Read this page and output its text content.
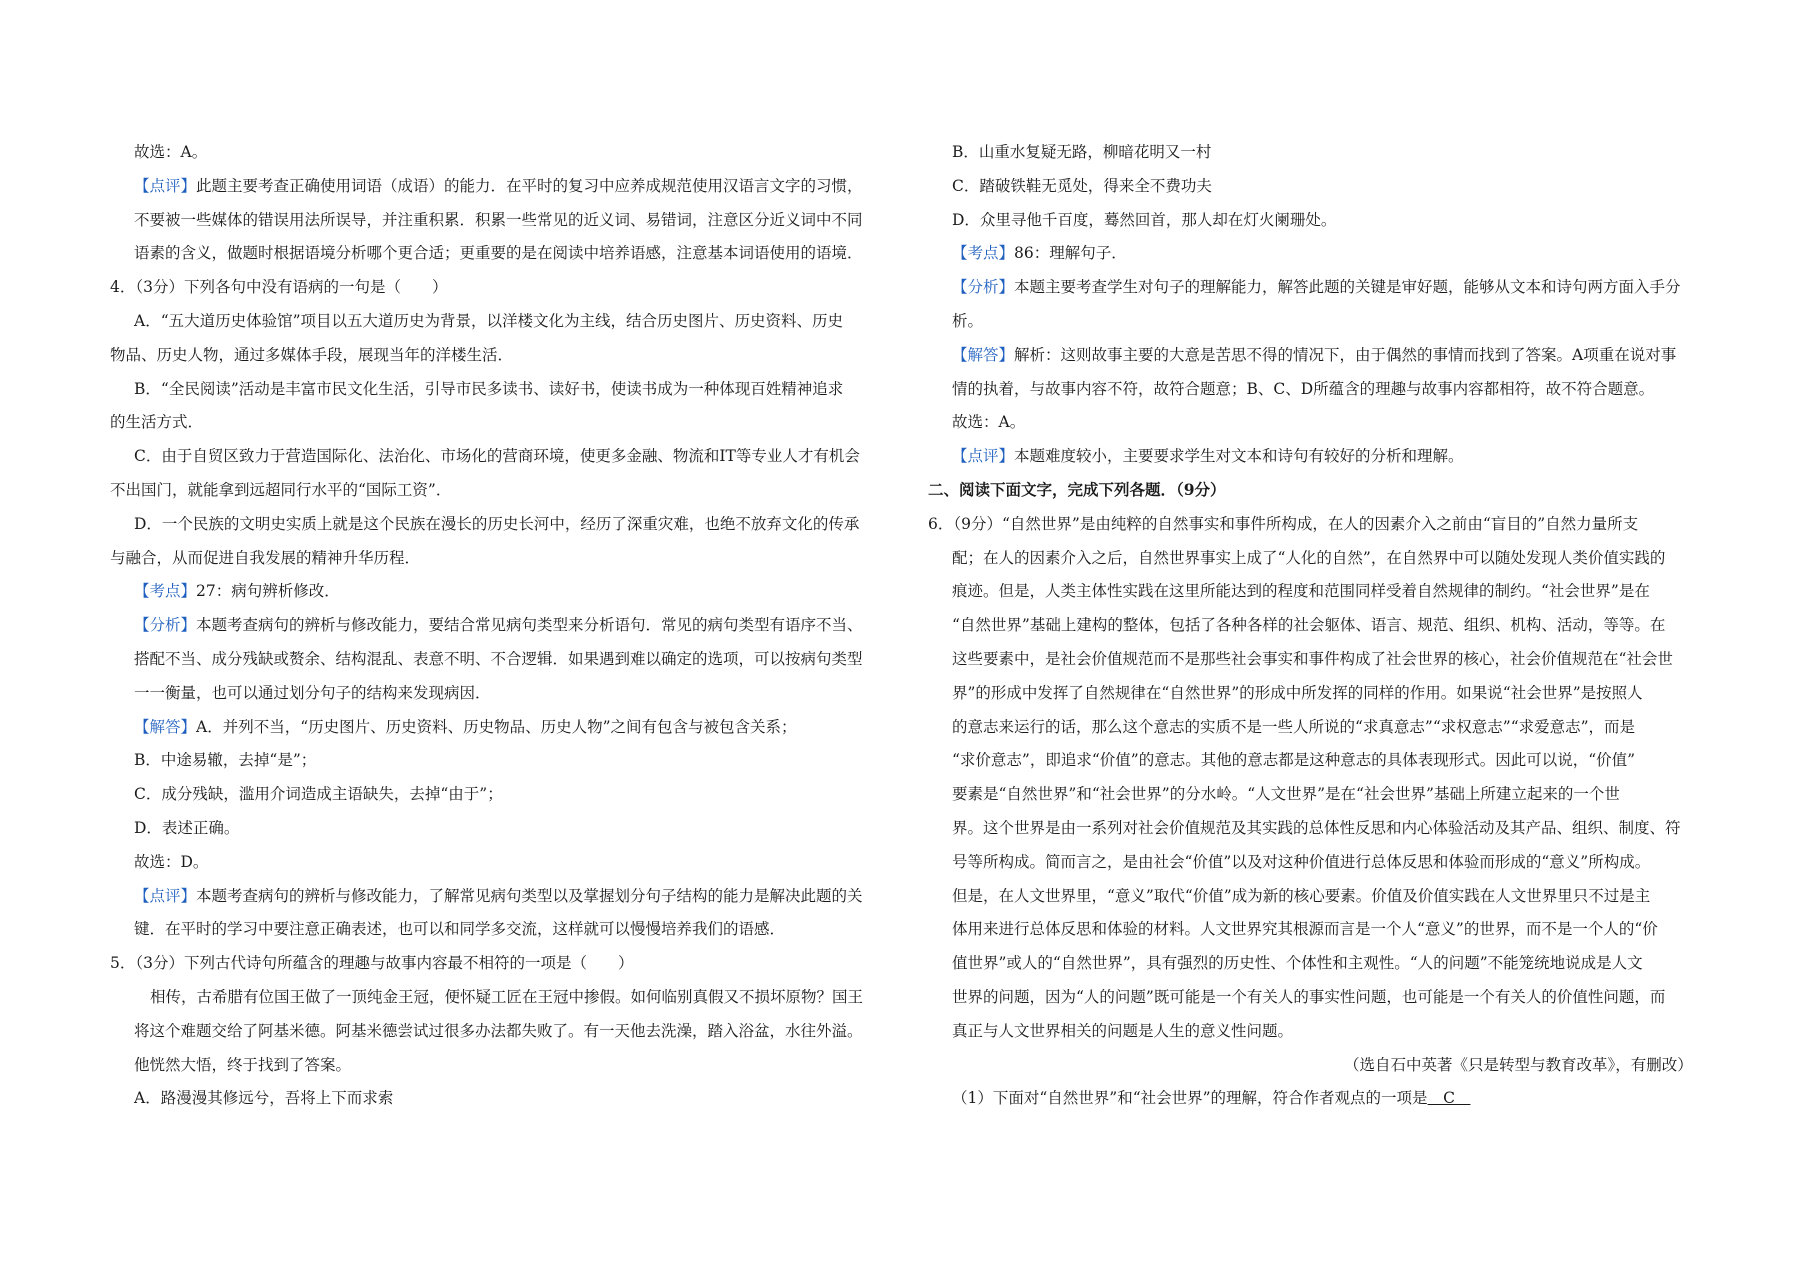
故选：A。
【点评】此题主要考查正确使用词语（成语）的能力．在平时的复习中应养成规范使用汉语言文字的习惯，
不要被一些媒体的错误用法所误导，并注重积累．积累一些常见的近义词、易错词，注意区分近义词中不同
语素的含义，做题时根据语境分析哪个更合适；更重要的是在阅读中培养语感，注意基本词语使用的语境．
4．（3分）下列各句中没有语病的一句是（　　）
A．“五大道历史体验馆”项目以五大道历史为背景，以洋楼文化为主线，结合历史图片、历史资料、历史
物品、历史人物，通过多媒体手段，展现当年的洋楼生活．
B．“全民阅读”活动是丰富市民文化生活，引导市民多读书、读好书，使读书成为一种体现百姓精神追求
的生活方式．
C．由于自贸区致力于营造国际化、法治化、市场化的营商环境，使更多金融、物流和IT等专业人才有机会
不出国门，就能拿到远超同行水平的“国际工资”．
D．一个民族的文明史实质上就是这个民族在漫长的历史长河中，经历了深重灾难，也绝不放弃文化的传承
与融合，从而促进自我发展的精神升华历程．
【考点】27：病句辨析修改．
【分析】本题考查病句的辨析与修改能力，要结合常见病句类型来分析语句．常见的病句类型有语序不当、
搭配不当、成分残缺或赘余、结构混乱、表意不明、不合逻辑．如果遇到难以确定的选项，可以按病句类型
一一衡量，也可以通过划分句子的结构来发现病因．
【解答】A．并列不当，“历史图片、历史资料、历史物品、历史人物”之间有包含与被包含关系；
B．中途易辙，去掉“是”；
C．成分残缺，滥用介词造成主语缺失，去掉“由于”；
D．表述正确。
故选：D。
【点评】本题考查病句的辨析与修改能力，了解常见病句类型以及掌握划分句子结构的能力是解决此题的关
键．在平时的学习中要注意正确表述，也可以和同学多交流，这样就可以慢慢培养我们的语感．
5．（3分）下列古代诗句所蕴含的理趣与故事内容最不相符的一项是（　　）
相传，古希腊有位国王做了一顶纯金王冠，便怀疑工匠在王冠中掺假。如何临别真假又不损坏原物？国王
将这个难题交给了阿基米德。阿基米德尝试过很多办法都失败了。有一天他去洗澡，踏入浴盆，水往外溢。
他恍然大悟，终于找到了答案。
A．路漫漫其修远兮，吾将上下而求索
B．山重水复疑无路，柳暗花明又一村
C．踏破铁鞋无觅处，得来全不费功夫
D．众里寻他千百度，蓦然回首，那人却在灯火阑珊处。
【考点】86：理解句子．
【分析】本题主要考查学生对句子的理解能力，解答此题的关键是审好题，能够从文本和诗句两方面入手分
析。
【解答】解析：这则故事主要的大意是苦思不得的情况下，由于偶然的事情而找到了答案。A项重在说对事
情的执着，与故事内容不符，故符合题意；B、C、D所蕴含的理趣与故事内容都相符，故不符合题意。
故选：A。
【点评】本题难度较小，主要要求学生对文本和诗句有较好的分析和理解。
二、阅读下面文字，完成下列各题．（9分）
6．（9分）“自然世界”是由纯粹的自然事实和事件所构成，在人的因素介入之前由“盲目的”自然力量所支
配；在人的因素介入之后，自然世界事实上成了“人化的自然”，在自然界中可以随处发现人类价值实践的
痕迹。但是，人类主体性实践在这里所能达到的程度和范围同样受着自然规律的制约。“社会世界”是在
“自然世界”基础上建构的整体，包括了各种各样的社会躯体、语言、规范、组织、机构、活动，等等。在
这些要素中，是社会价值规范而不是那些社会事实和事件构成了社会世界的核心，社会价值规范在“社会世
界”的形成中发挥了自然规律在“自然世界”的形成中所发挥的同样的作用。如果说“社会世界”是按照人
的意志来运行的话，那么这个意志的实质不是一些人所说的“求真意志”“求权意志”“求爱意志”，而是
“求价意志”，即追求“价值”的意志。其他的意志都是这种意志的具体表现形式。因此可以说，“价值”
要素是“自然世界”和“社会世界”的分水岭。“人文世界”是在“社会世界”基础上所建立起来的一个世
界。这个世界是由一系列对社会价值规范及其实践的总体性反思和内心体验活动及其产品、组织、制度、符
号等所构成。简而言之，是由社会“价值”以及对这种价值进行总体反思和体验而形成的“意义”所构成。
但是，在人文世界里，“意义”取代“价值”成为新的核心要素。价值及价值实践在人文世界里只不过是主
体用来进行总体反思和体验的材料。人文世界究其根源而言是一个人“意义”的世界，而不是一个人的“价
值世界”或人的“自然世界”，具有强烈的历史性、个体性和主观性。“人的问题”不能笼统地说成是人文
世界的问题，因为“人的问题”既可能是一个有关人的事实性问题，也可能是一个有关人的价值性问题，而
真正与人文世界相关的问题是人生的意义性问题。
（选自石中英著《只是转型与教育改革》，有删改）
（1）下面对“自然世界”和“社会世界”的理解，符合作者观点的一项是　C　
